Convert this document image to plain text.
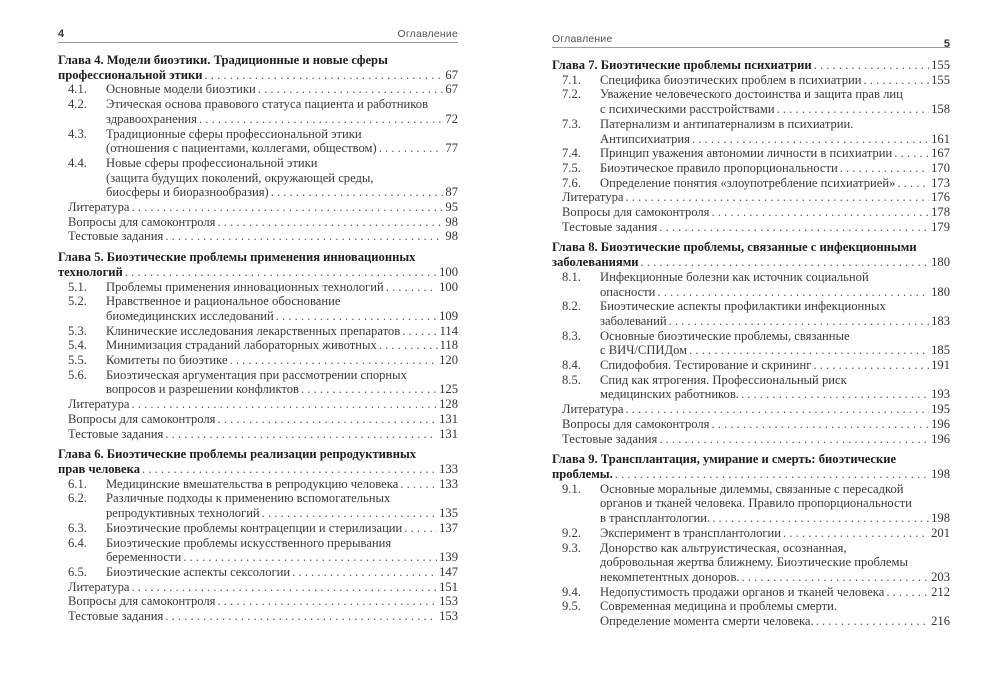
4	Оглавление
Глава 4. Модели биоэтики. Традиционные и новые сферы
профессиональной этики . . .	67
4.1. Основные модели биоэтики . . .	67
4.2. Этическая основа правового статуса пациента и работников
здравоохранения . . .	72
4.3. Традиционные сферы профессиональной этики
(отношения с пациентами, коллегами, обществом) . . .	77
4.4. Новые сферы профессиональной этики
(защита будущих поколений, окружающей среды,
биосферы и биоразнообразия) . . .	87
Литература . . .	95
Вопросы для самоконтроля . . .	98
Тестовые задания . . .	98
Глава 5. Биоэтические проблемы применения инновационных
технологий . . .	100
5.1. Проблемы применения инновационных технологий . . .	100
5.2. Нравственное и рациональное обоснование
биомедицинских исследований . . .	109
5.3. Клинические исследования лекарственных препаратов . . .	114
5.4. Минимизация страданий лабораторных животных . . .	118
5.5. Комитеты по биоэтике . . .	120
5.6. Биоэтическая аргументация при рассмотрении спорных
вопросов и разрешении конфликтов . . .	125
Литература . . .	128
Вопросы для самоконтроля . . .	131
Тестовые задания . . .	131
Глава 6. Биоэтические проблемы реализации репродуктивных
прав человека . . .	133
6.1. Медицинские вмешательства в репродукцию человека . . .	133
6.2. Различные подходы к применению вспомогательных
репродуктивных технологий . . .	135
6.3. Биоэтические проблемы контрацепции и стерилизации . . .	137
6.4. Биоэтические проблемы искусственного прерывания
беременности . . .	139
6.5. Биоэтические аспекты сексологии . . .	147
Литература . . .	151
Вопросы для самоконтроля . . .	153
Тестовые задания . . .	153
Оглавление	5
Глава 7. Биоэтические проблемы психиатрии . . .	155
7.1. Специфика биоэтических проблем в психиатрии . . .	155
7.2. Уважение человеческого достоинства и защита прав лиц
с психическими расстройствами . . .	158
7.3. Патернализм и антипатернализм в психиатрии.
Антипсихиатрия . . .	161
7.4. Принцип уважения автономии личности в психиатрии . . .	167
7.5. Биоэтическое правило пропорциональности . . .	170
7.6. Определение понятия «злоупотребление психиатрией» . . .	173
Литература . . .	176
Вопросы для самоконтроля . . .	178
Тестовые задания . . .	179
Глава 8. Биоэтические проблемы, связанные с инфекционными
заболеваниями . . .	180
8.1. Инфекционные болезни как источник социальной
опасности . . .	180
8.2. Биоэтические аспекты профилактики инфекционных
заболеваний . . .	183
8.3. Основные биоэтические проблемы, связанные
с ВИЧ/СПИДом . . .	185
8.4. Спидофобия. Тестирование и скрининг . . .	191
8.5. Спид как ятрогения. Профессиональный риск
медицинских работников. . . .	193
Литература . . .	195
Вопросы для самоконтроля . . .	196
Тестовые задания . . .	196
Глава 9. Трансплантация, умирание и смерть: биоэтические
проблемы. . . .	198
9.1. Основные моральные дилеммы, связанные с пересадкой
органов и тканей человека. Правило пропорциональности
в трансплантологии. . . .	198
9.2. Эксперимент в трансплантологии . . .	201
9.3. Донорство как альтруистическая, осознанная,
добровольная жертва ближнему. Биоэтические проблемы
некомпетентных доноров. . . .	203
9.4. Недопустимость продажи органов и тканей человека . . .	212
9.5. Современная медицина и проблемы смерти.
Определение момента смерти человека. . . .	216
